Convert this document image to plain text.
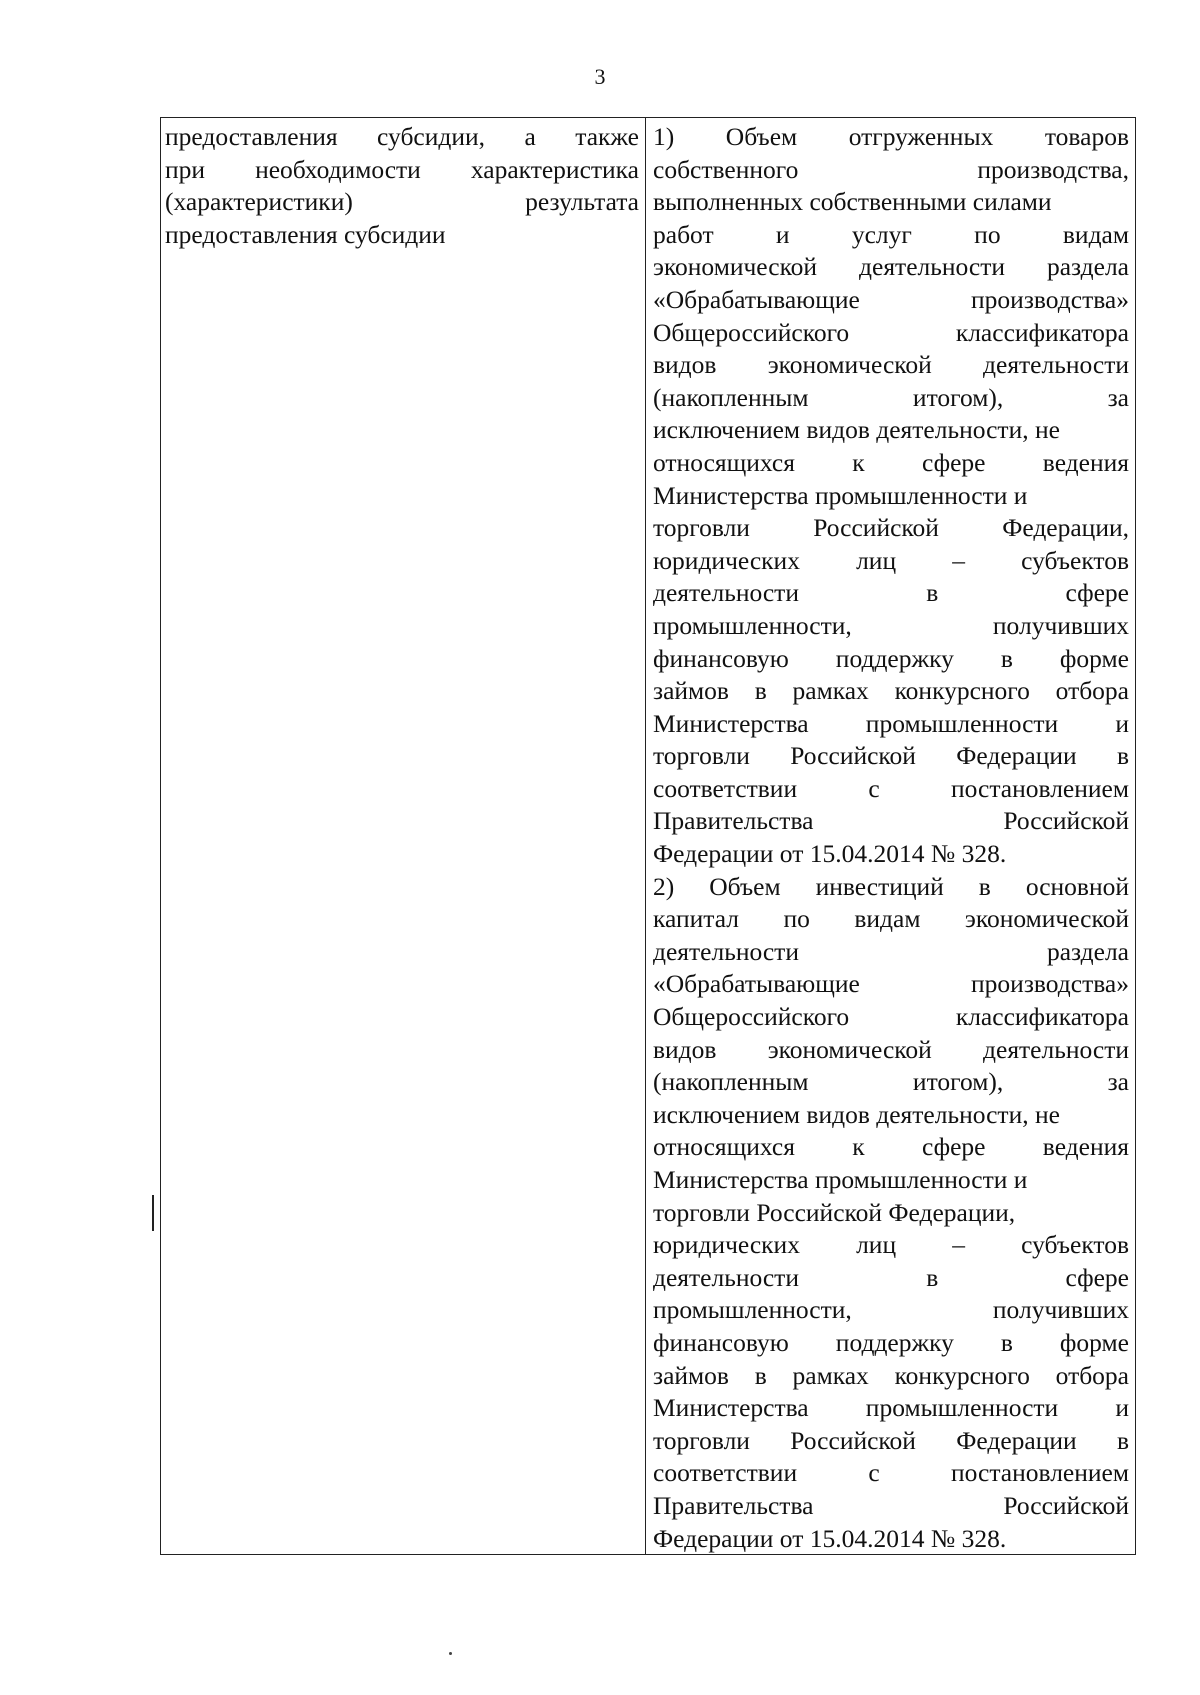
3
предоставления субсидии, а также
при необходимости характеристика
(характеристики) результата
предоставления субсидии
1) Объем отгруженных товаров
собственного производства,
выполненных собственными силами
работ и услуг по видам
экономической деятельности раздела
«Обрабатывающие производства»
Общероссийского классификатора
видов экономической деятельности
(накопленным итогом), за
исключением видов деятельности, не
относящихся к сфере ведения
Министерства промышленности и
торговли Российской Федерации,
юридических лиц – субъектов
деятельности в сфере
промышленности, получивших
финансовую поддержку в форме
займов в рамках конкурсного отбора
Министерства промышленности и
торговли Российской Федерации в
соответствии с постановлением
Правительства Российской
Федерации от 15.04.2014 № 328.
2) Объем инвестиций в основной
капитал по видам экономической
деятельности раздела
«Обрабатывающие производства»
Общероссийского классификатора
видов экономической деятельности
(накопленным итогом), за
исключением видов деятельности, не
относящихся к сфере ведения
Министерства промышленности и
торговли Российской Федерации,
юридических лиц – субъектов
деятельности в сфере
промышленности, получивших
финансовую поддержку в форме
займов в рамках конкурсного отбора
Министерства промышленности и
торговли Российской Федерации в
соответствии с постановлением
Правительства Российской
Федерации от 15.04.2014 № 328.
